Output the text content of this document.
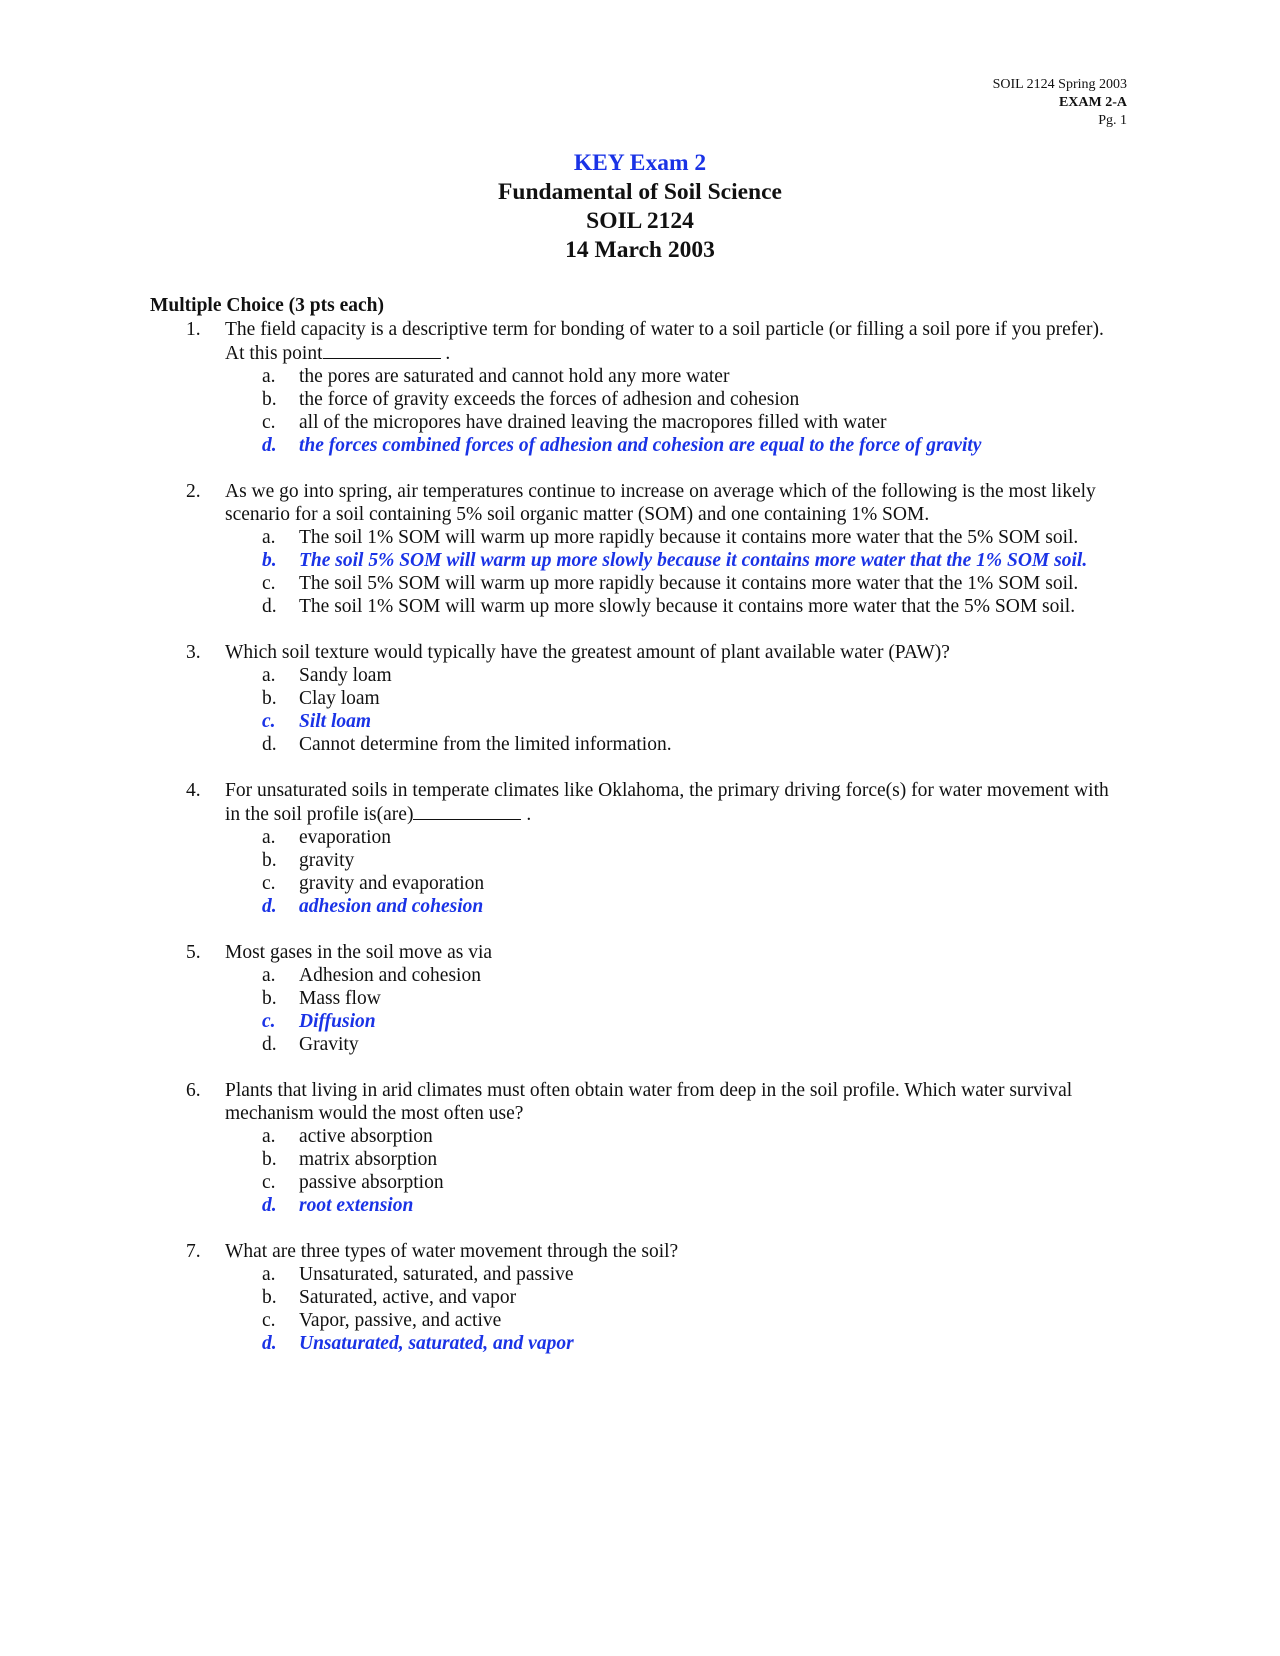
SOIL 2124 Spring 2003
EXAM 2-A
Pg. 1
KEY Exam 2
Fundamental of Soil Science
SOIL 2124
14 March 2003
Multiple Choice (3 pts each)
1. The field capacity is a descriptive term for bonding of water to a soil particle (or filling a soil pore if you prefer). At this point	.
a. the pores are saturated and cannot hold any more water
b. the force of gravity exceeds the forces of adhesion and cohesion
c. all of the micropores have drained leaving the macropores filled with water
d. the forces combined forces of adhesion and cohesion are equal to the force of gravity
2. As we go into spring, air temperatures continue to increase on average which of the following is the most likely scenario for a soil containing 5% soil organic matter (SOM) and one containing 1% SOM.
a. The soil 1% SOM will warm up more rapidly because it contains more water that the 5% SOM soil.
b. The soil 5% SOM will warm up more slowly because it contains more water that the 1% SOM soil.
c. The soil 5% SOM will warm up more rapidly because it contains more water that the 1% SOM soil.
d. The soil 1% SOM will warm up more slowly because it contains more water that the 5% SOM soil.
3. Which soil texture would typically have the greatest amount of plant available water (PAW)?
a. Sandy loam
b. Clay loam
c. Silt loam
d. Cannot determine from the limited information.
4. For unsaturated soils in temperate climates like Oklahoma, the primary driving force(s) for water movement with in the soil profile is(are)	.
a. evaporation
b. gravity
c. gravity and evaporation
d. adhesion and cohesion
5. Most gases in the soil move as via
a. Adhesion and cohesion
b. Mass flow
c. Diffusion
d. Gravity
6. Plants that living in arid climates must often obtain water from deep in the soil profile. Which water survival mechanism would the most often use?
a. active absorption
b. matrix absorption
c. passive absorption
d. root extension
7. What are three types of water movement through the soil?
a. Unsaturated, saturated, and passive
b. Saturated, active, and vapor
c. Vapor, passive, and active
d. Unsaturated, saturated, and vapor
